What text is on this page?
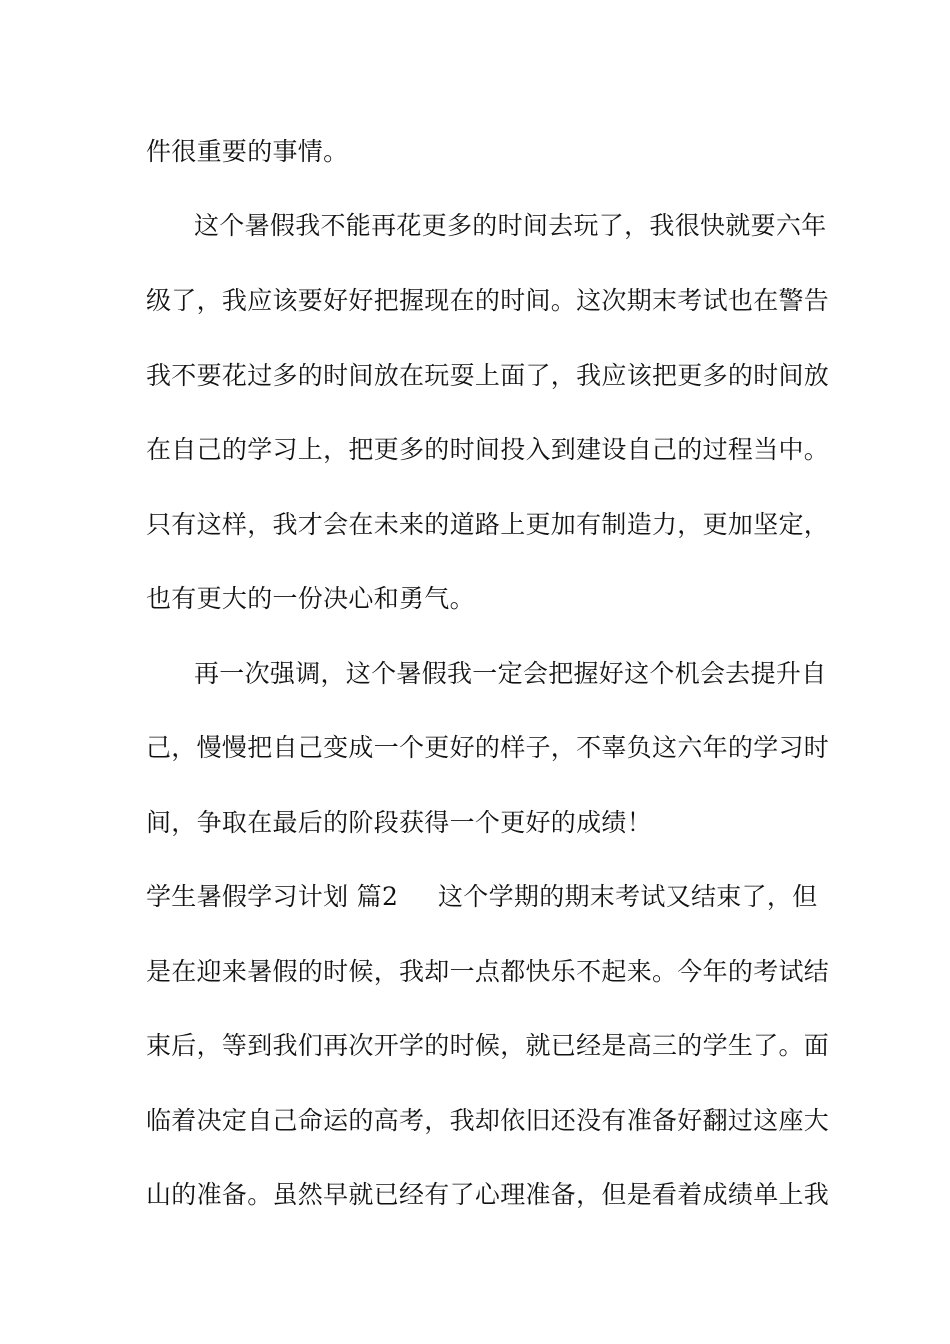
件很重要的事情。
这个暑假我不能再花更多的时间去玩了，我很快就要六年
级了，我应该要好好把握现在的时间。这次期末考试也在警告
我不要花过多的时间放在玩耍上面了，我应该把更多的时间放
在自己的学习上，把更多的时间投入到建设自己的过程当中。
只有这样，我才会在未来的道路上更加有制造力，更加坚定，
也有更大的一份决心和勇气。
再一次强调，这个暑假我一定会把握好这个机会去提升自
己，慢慢把自己变成一个更好的样子，不辜负这六年的学习时
间，争取在最后的阶段获得一个更好的成绩！
学生暑假学习计划 篇2 这个学期的期末考试又结束了，但
是在迎来暑假的时候，我却一点都快乐不起来。今年的考试结
束后，等到我们再次开学的时候，就已经是高三的学生了。面
临着决定自己命运的高考，我却依旧还没有准备好翻过这座大
山的准备。虽然早就已经有了心理准备，但是看着成绩单上我
